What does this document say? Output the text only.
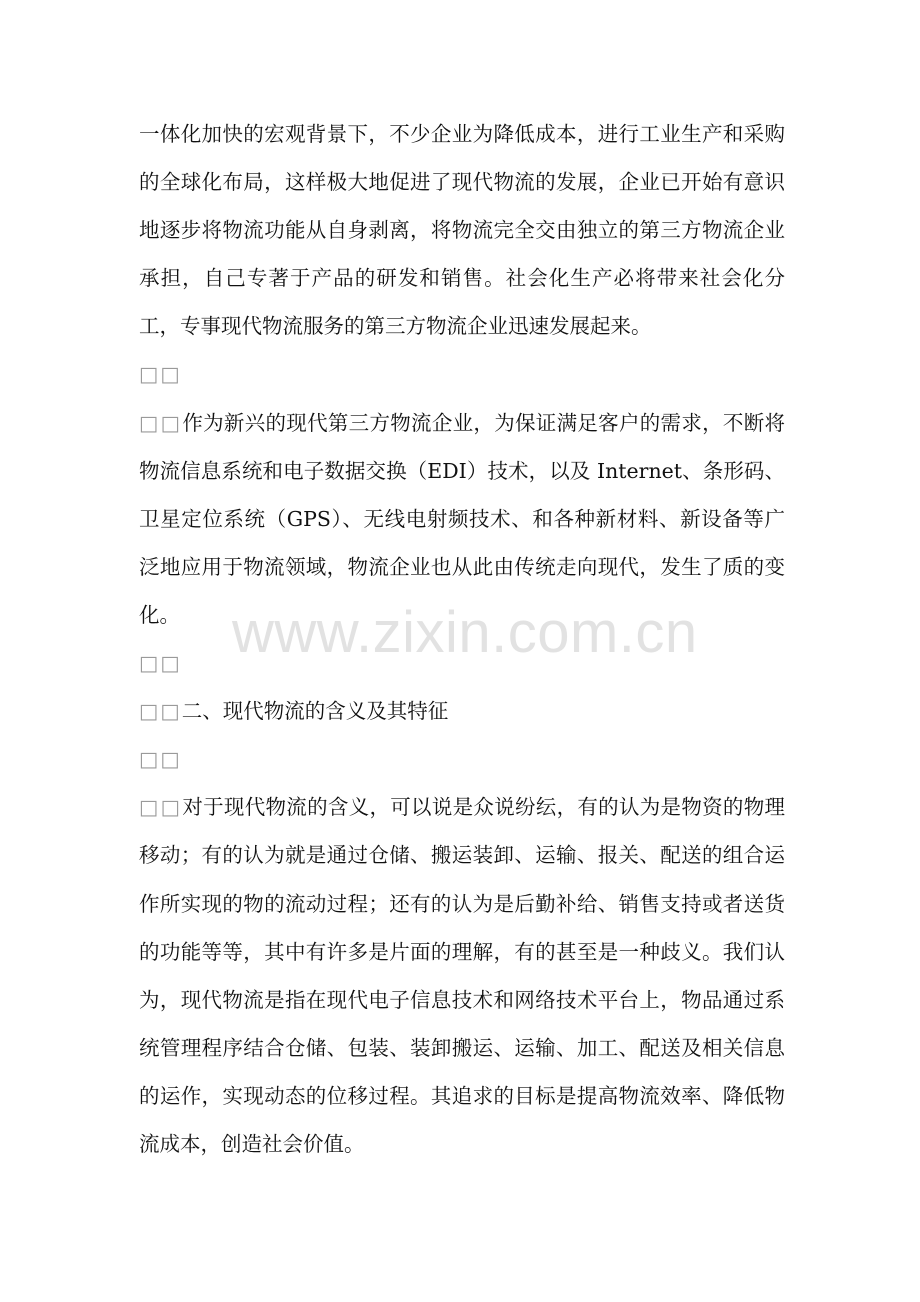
www.zixin.com.cn

一体化加快的宏观背景下，不少企业为降低成本，进行工业生产和采购的全球化布局，这样极大地促进了现代物流的发展，企业已开始有意识地逐步将物流功能从自身剥离，将物流完全交由独立的第三方物流企业承担，自己专著于产品的研发和销售。社会化生产必将带来社会化分工，专事现代物流服务的第三方物流企业迅速发展起来。

□□

□□作为新兴的现代第三方物流企业，为保证满足客户的需求，不断将物流信息系统和电子数据交换（EDI）技术，以及 Internet、条形码、卫星定位系统（GPS）、无线电射频技术、和各种新材料、新设备等广泛地应用于物流领域，物流企业也从此由传统走向现代，发生了质的变化。

□□

□□二、现代物流的含义及其特征

□□

□□对于现代物流的含义，可以说是众说纷纭，有的认为是物资的物理移动；有的认为就是通过仓储、搬运装卸、运输、报关、配送的组合运作所实现的物的流动过程；还有的认为是后勤补给、销售支持或者送货的功能等等，其中有许多是片面的理解，有的甚至是一种歧义。我们认为，现代物流是指在现代电子信息技术和网络技术平台上，物品通过系统管理程序结合仓储、包装、装卸搬运、运输、加工、配送及相关信息的运作，实现动态的位移过程。其追求的目标是提高物流效率、降低物流成本，创造社会价值。
